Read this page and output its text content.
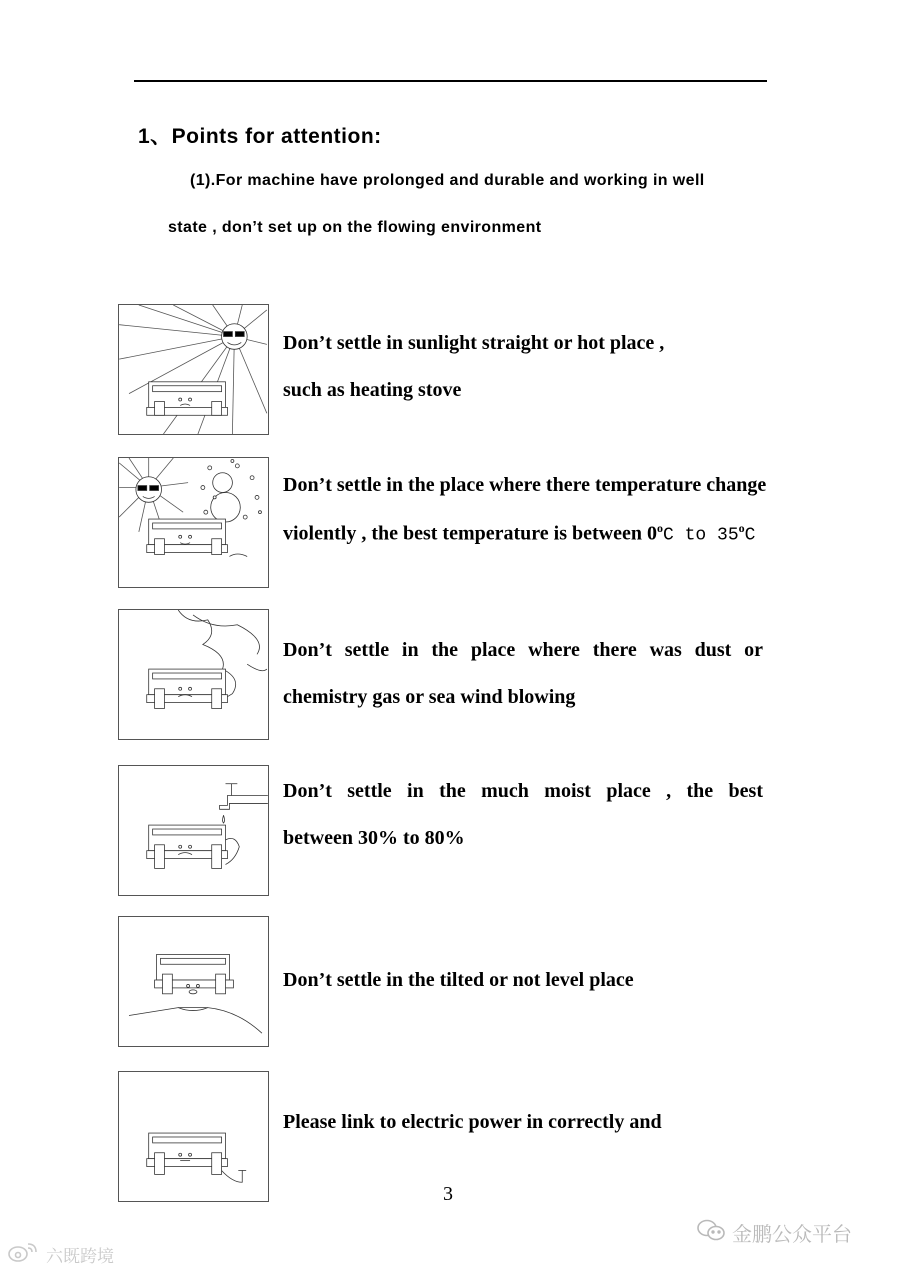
1、Points for attention:
(1).For machine have prolonged and durable and working in well
state , don’t set up on the flowing environment
Don’t settle in sunlight straight or hot place ,
such as heating stove
Don’t settle in the place where there temperature change
violently , the best temperature is between 0$^o$C to 35$^o$C
Don’t settle in the place where there was dust or
chemistry gas or sea wind blowing
Don’t settle in the much moist place , the best
between 30% to 80%
Don’t settle in the tilted or not level place
Please link to electric power in correctly and
3
金鹏公众平台
六既跨境
